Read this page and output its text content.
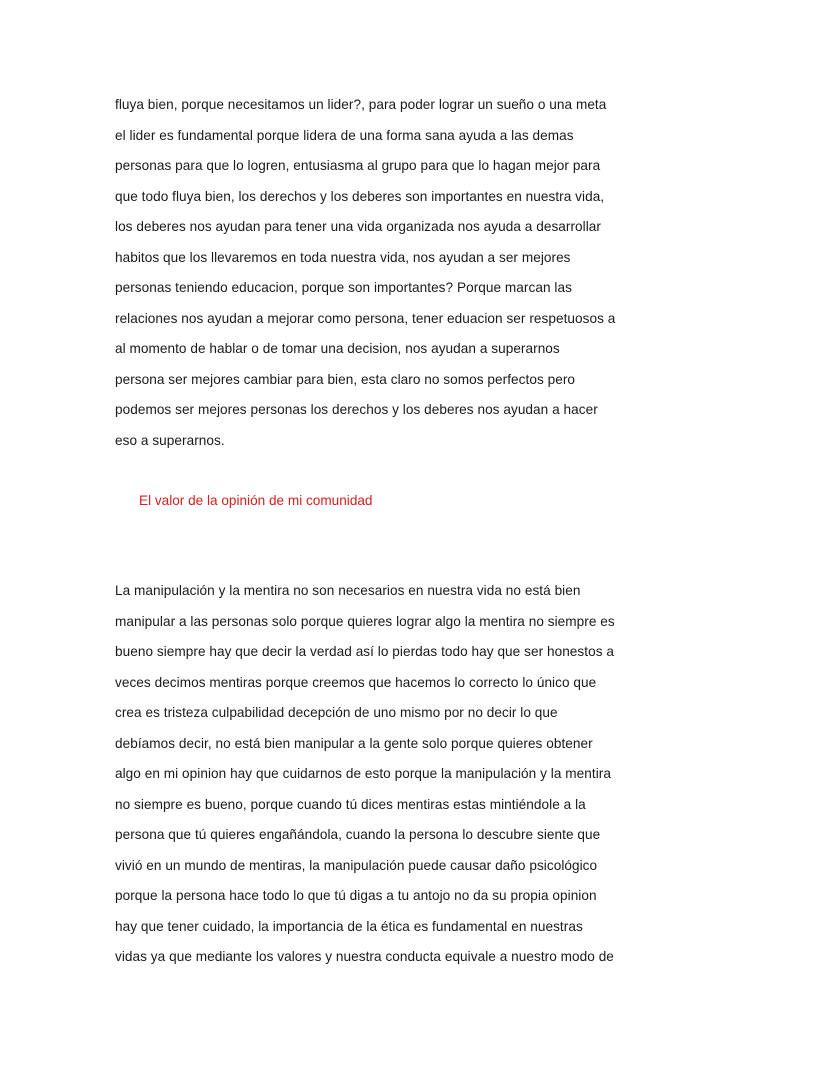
fluya bien, porque necesitamos un lider?, para poder lograr un sueño o una meta
el lider es fundamental porque lidera de una forma sana ayuda a las demas
personas para que lo logren, entusiasma al grupo para que lo hagan mejor para
que todo fluya bien, los derechos y los deberes son importantes en nuestra vida,
los deberes nos ayudan para tener una vida organizada nos ayuda a desarrollar
habitos que los llevaremos en toda nuestra vida, nos ayudan a ser mejores
personas teniendo educacion, porque son importantes? Porque marcan las
relaciones nos ayudan a mejorar como persona, tener eduacion ser respetuosos a
al momento de hablar o de tomar una decision, nos ayudan a superarnos
persona ser mejores cambiar para bien, esta claro no somos perfectos pero
podemos ser mejores personas los derechos y los deberes nos ayudan a hacer
eso a superarnos.
El valor de la opinión de mi comunidad
La manipulación y la mentira no son necesarios en nuestra vida no está bien
manipular a las personas solo porque quieres lograr algo la mentira no siempre es
bueno siempre hay que decir la verdad así lo pierdas todo hay que ser honestos a
veces decimos mentiras porque creemos que hacemos lo correcto lo único que
crea es tristeza culpabilidad decepción de uno mismo por no decir lo que
debíamos decir, no está bien manipular a la gente solo porque quieres obtener
algo en mi opinion hay que cuidarnos de esto porque la manipulación y la mentira
no siempre es bueno, porque cuando tú dices mentiras estas mintiéndole a la
persona que tú quieres engañándola, cuando la persona lo descubre siente que
vivió en un mundo de mentiras, la manipulación puede causar daño psicológico
porque la persona hace todo lo que tú digas a tu antojo no da su propia opinion
hay que tener cuidado, la importancia de la ética es fundamental en nuestras
vidas ya que mediante los valores y nuestra conducta equivale a nuestro modo de
